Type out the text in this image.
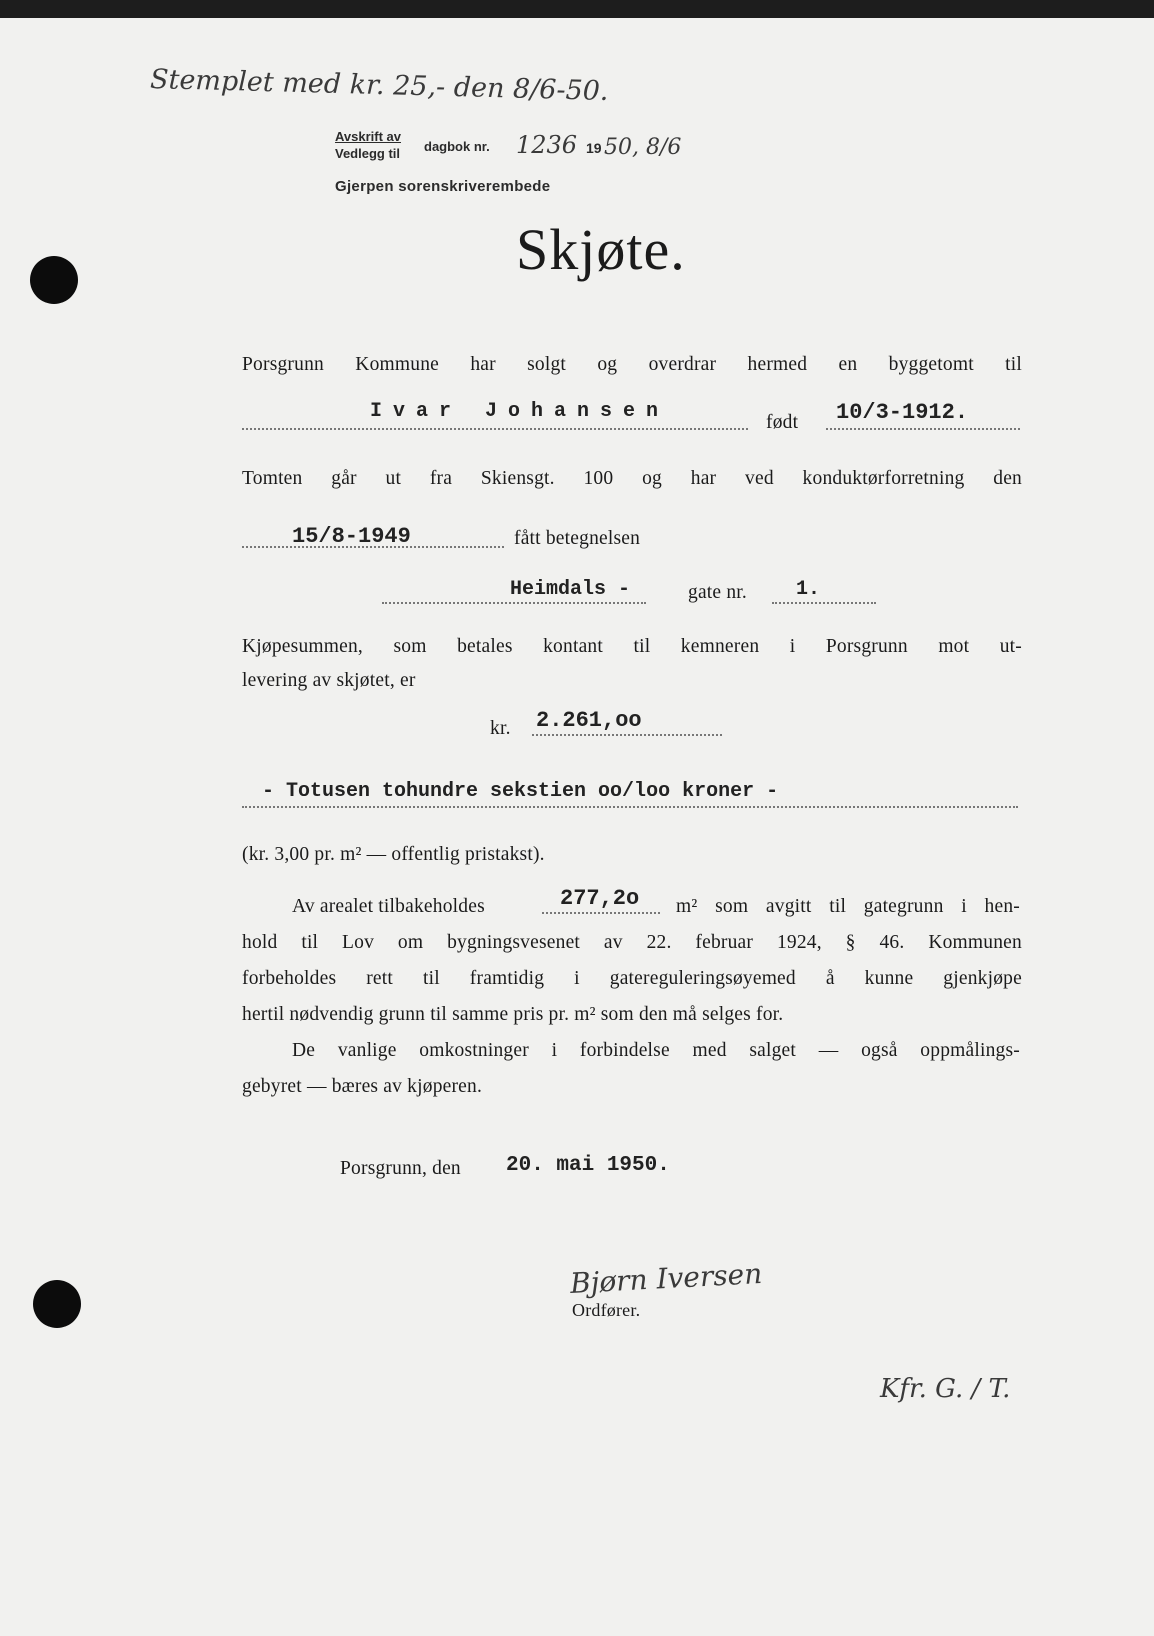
Stemplet med kr. 25,- den 8/6-50.
Avskrift av
Vedlegg til dagbok nr. 1236 19 50, 8/6
Gjerpen sorenskriverembede
Skjøte.
Porsgrunn Kommune har solgt og overdrar hermed en byggetomt til
Ivar Johansen	født 10/3-1912.
Tomten går ut fra Skiensgt. 100 og har ved konduktørforretning den
15/8-1949	fått betegnelsen
Heimdals -	gate nr. 1.
Kjøpesummen, som betales kontant til kemneren i Porsgrunn mot ut-
levering av skjøtet, er
kr. 2.261,oo
- Totusen tohundre sekstien oo/loo kroner -
(kr. 3,00 pr. m² — offentlig pristakst).
Av arealet tilbakeholdes	277,2o m² som avgitt til gategrunn i hen-
hold til Lov om bygningsvesenet av 22. februar 1924, § 46. Kommunen
forbeholdes rett til framtidig i gatereguleringsøyemed å kunne gjenkjøpe
hertil nødvendig grunn til samme pris pr. m² som den må selges for.
De vanlige omkostninger i forbindelse med salget — også oppmålings-
gebyret — bæres av kjøperen.
Porsgrunn, den 20. mai 1950.
Bjørn Iversen
Ordfører.
Kfr. G. / T.
